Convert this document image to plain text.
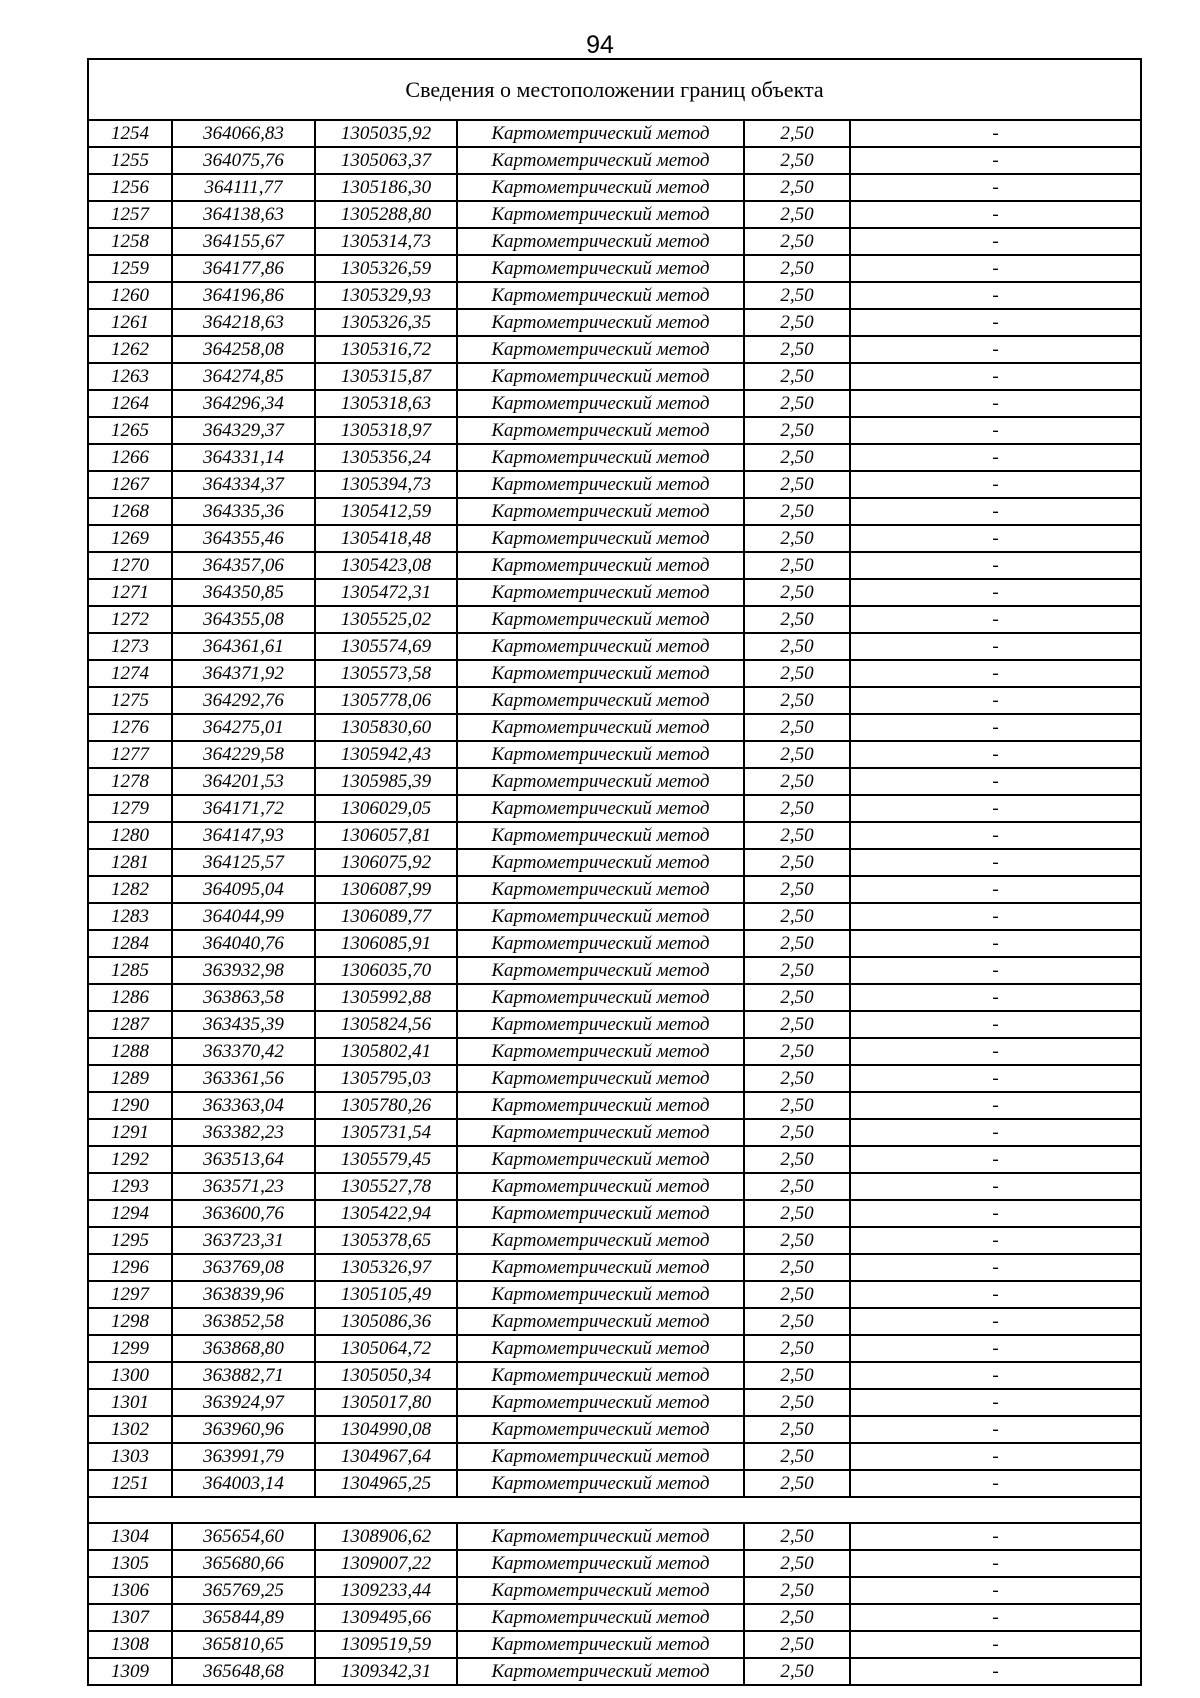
94
Сведения о местоположении границ объекта					
1254	364066,83	1305035,92	Картометрический метод	2,50	-
1255	364075,76	1305063,37	Картометрический метод	2,50	-
1256	364111,77	1305186,30	Картометрический метод	2,50	-
1257	364138,63	1305288,80	Картометрический метод	2,50	-
1258	364155,67	1305314,73	Картометрический метод	2,50	-
1259	364177,86	1305326,59	Картометрический метод	2,50	-
1260	364196,86	1305329,93	Картометрический метод	2,50	-
1261	364218,63	1305326,35	Картометрический метод	2,50	-
1262	364258,08	1305316,72	Картометрический метод	2,50	-
1263	364274,85	1305315,87	Картометрический метод	2,50	-
1264	364296,34	1305318,63	Картометрический метод	2,50	-
1265	364329,37	1305318,97	Картометрический метод	2,50	-
1266	364331,14	1305356,24	Картометрический метод	2,50	-
1267	364334,37	1305394,73	Картометрический метод	2,50	-
1268	364335,36	1305412,59	Картометрический метод	2,50	-
1269	364355,46	1305418,48	Картометрический метод	2,50	-
1270	364357,06	1305423,08	Картометрический метод	2,50	-
1271	364350,85	1305472,31	Картометрический метод	2,50	-
1272	364355,08	1305525,02	Картометрический метод	2,50	-
1273	364361,61	1305574,69	Картометрический метод	2,50	-
1274	364371,92	1305573,58	Картометрический метод	2,50	-
1275	364292,76	1305778,06	Картометрический метод	2,50	-
1276	364275,01	1305830,60	Картометрический метод	2,50	-
1277	364229,58	1305942,43	Картометрический метод	2,50	-
1278	364201,53	1305985,39	Картометрический метод	2,50	-
1279	364171,72	1306029,05	Картометрический метод	2,50	-
1280	364147,93	1306057,81	Картометрический метод	2,50	-
1281	364125,57	1306075,92	Картометрический метод	2,50	-
1282	364095,04	1306087,99	Картометрический метод	2,50	-
1283	364044,99	1306089,77	Картометрический метод	2,50	-
1284	364040,76	1306085,91	Картометрический метод	2,50	-
1285	363932,98	1306035,70	Картометрический метод	2,50	-
1286	363863,58	1305992,88	Картометрический метод	2,50	-
1287	363435,39	1305824,56	Картометрический метод	2,50	-
1288	363370,42	1305802,41	Картометрический метод	2,50	-
1289	363361,56	1305795,03	Картометрический метод	2,50	-
1290	363363,04	1305780,26	Картометрический метод	2,50	-
1291	363382,23	1305731,54	Картометрический метод	2,50	-
1292	363513,64	1305579,45	Картометрический метод	2,50	-
1293	363571,23	1305527,78	Картометрический метод	2,50	-
1294	363600,76	1305422,94	Картометрический метод	2,50	-
1295	363723,31	1305378,65	Картометрический метод	2,50	-
1296	363769,08	1305326,97	Картометрический метод	2,50	-
1297	363839,96	1305105,49	Картометрический метод	2,50	-
1298	363852,58	1305086,36	Картометрический метод	2,50	-
1299	363868,80	1305064,72	Картометрический метод	2,50	-
1300	363882,71	1305050,34	Картометрический метод	2,50	-
1301	363924,97	1305017,80	Картометрический метод	2,50	-
1302	363960,96	1304990,08	Картометрический метод	2,50	-
1303	363991,79	1304967,64	Картометрический метод	2,50	-
1251	364003,14	1304965,25	Картометрический метод	2,50	-

1304	365654,60	1308906,62	Картометрический метод	2,50	-
1305	365680,66	1309007,22	Картометрический метод	2,50	-
1306	365769,25	1309233,44	Картометрический метод	2,50	-
1307	365844,89	1309495,66	Картометрический метод	2,50	-
1308	365810,65	1309519,59	Картометрический метод	2,50	-
1309	365648,68	1309342,31	Картометрический метод	2,50	-
